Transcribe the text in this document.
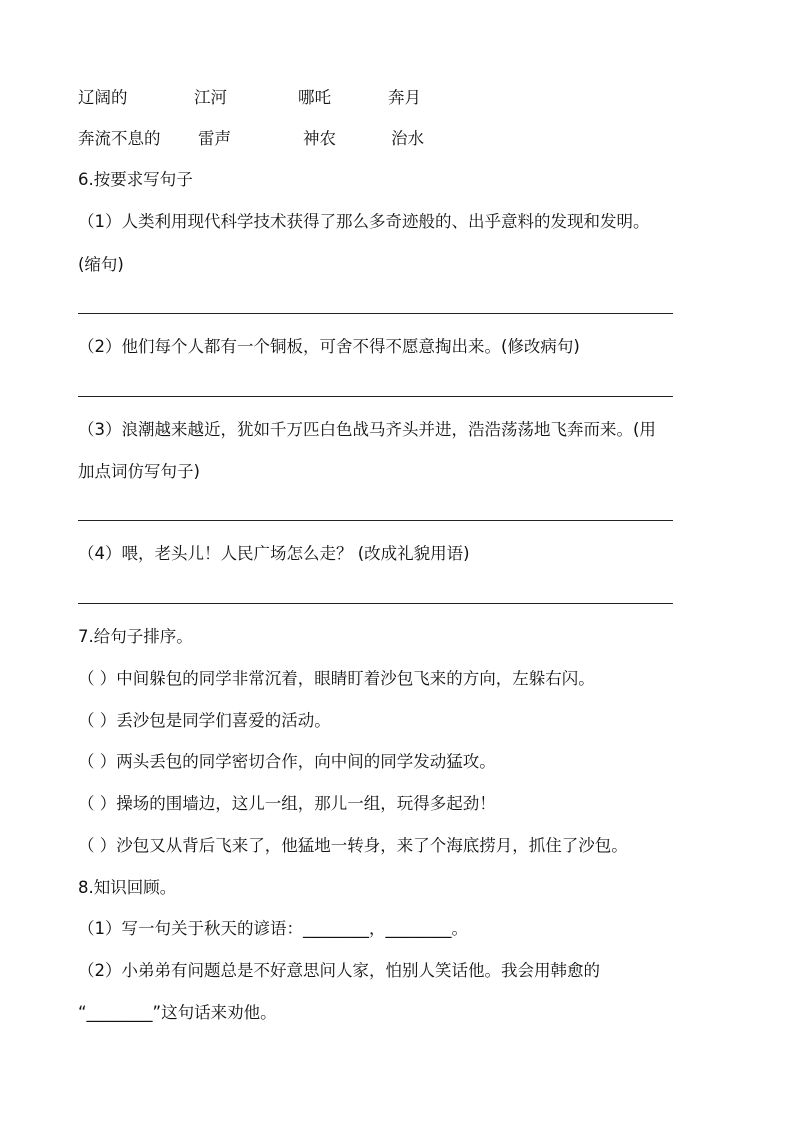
辽阔的	江河	哪吒	奔月
奔流不息的 雷声	神农	治水
6.按要求写句子
（1）人类利用现代科学技术获得了那么多奇迹般的、出乎意料的发现和发明。
(缩句)
（2）他们每个人都有一个铜板，可舍不得不愿意掏出来。(修改病句)
（3）浪潮越来越近，犹如千万匹白色战马齐头并进，浩浩荡荡地飞奔而来。(用
加点词仿写句子)
（4）喂，老头儿！人民广场怎么走？ (改成礼貌用语)
7.给句子排序。
（ ）中间躲包的同学非常沉着，眼睛盯着沙包飞来的方向，左躲右闪。
（ ）丢沙包是同学们喜爱的活动。
（ ）两头丢包的同学密切合作，向中间的同学发动猛攻。
（ ）操场的围墙边，这儿一组，那儿一组，玩得多起劲！
（ ）沙包又从背后飞来了，他猛地一转身，来了个海底捞月，抓住了沙包。
8.知识回顾。
（1）写一句关于秋天的谚语：________，________。
（2）小弟弟有问题总是不好意思问人家，怕别人笑话他。我会用韩愈的
“________”这句话来劝他。
